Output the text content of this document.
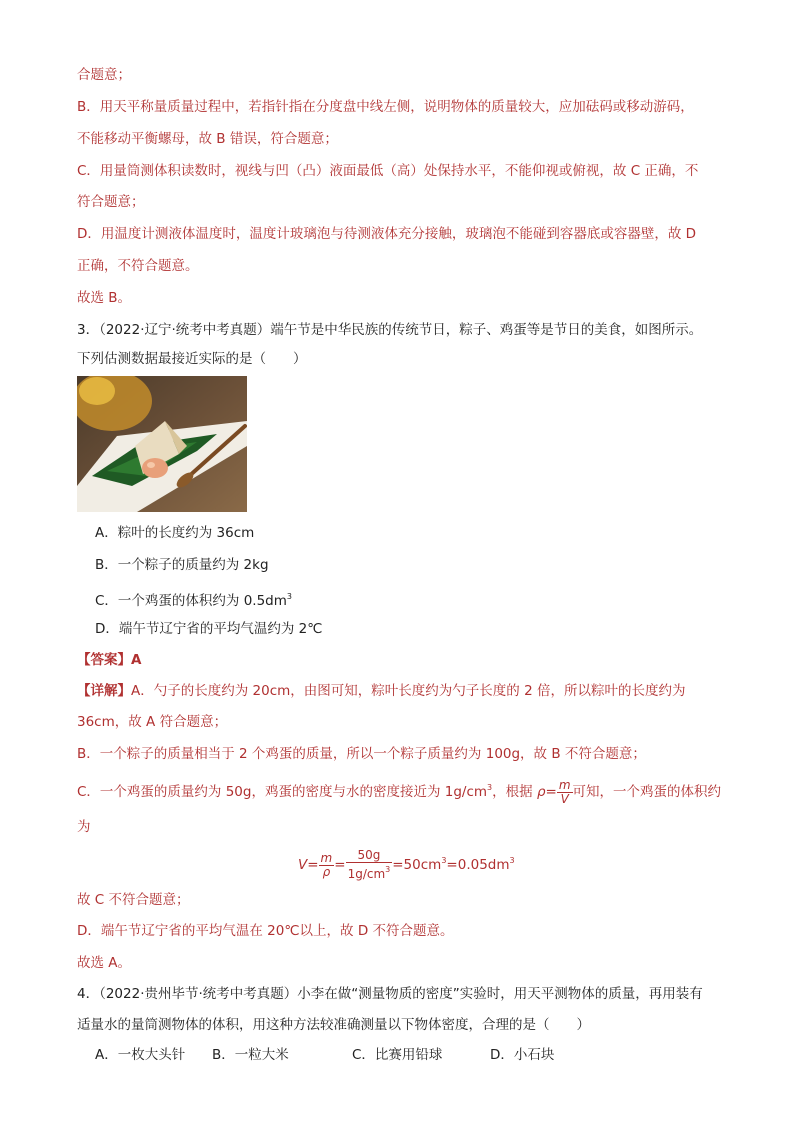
合题意；
B．用天平称量质量过程中，若指针指在分度盘中线左侧，说明物体的质量较大，应加砝码或移动游码，
不能移动平衡螺母，故 B 错误，符合题意；
C．用量筒测体积读数时，视线与凹（凸）液面最低（高）处保持水平，不能仰视或俯视，故 C 正确，不
符合题意；
D．用温度计测液体温度时，温度计玻璃泡与待测液体充分接触，玻璃泡不能碰到容器底或容器壁，故 D
正确，不符合题意。
故选 B。
3．（2022·辽宁·统考中考真题）端午节是中华民族的传统节日，粽子、鸡蛋等是节日的美食，如图所示。
下列估测数据最接近实际的是（　　）
A．粽叶的长度约为 36cm
B．一个粽子的质量约为 2kg
C．一个鸡蛋的体积约为 $0.5dm^3$
D．端午节辽宁省的平均气温约为 2℃
【答案】A
【详解】A．勺子的长度约为 20cm，由图可知，粽叶长度约为勺子长度的 2 倍，所以粽叶的长度约为
36cm，故 A 符合题意；
B．一个粽子的质量相当于 2 个鸡蛋的质量，所以一个粽子质量约为 100g，故 B 不符合题意；
C．一个鸡蛋的质量约为 50g，鸡蛋的密度与水的密度接近为 $1g/cm^3$，根据 $\rho= \frac{m}{V}$ 可知，一个鸡蛋的体积约
为
$V= \frac{m}{\rho} = \frac{50g}{1g/cm^3} =50cm^3=0.05dm^3$
故 C 不符合题意；
D．端午节辽宁省的平均气温在 20℃以上，故 D 不符合题意。
故选 A。
4．（2022·贵州毕节·统考中考真题）小李在做“测量物质的密度”实验时，用天平测物体的质量，再用装有
适量水的量筒测物体的体积，用这种方法较准确测量以下物体密度，合理的是（　　）
A．一枚大头针 B．一粒大米	C．比赛用铅球	D．小石块
